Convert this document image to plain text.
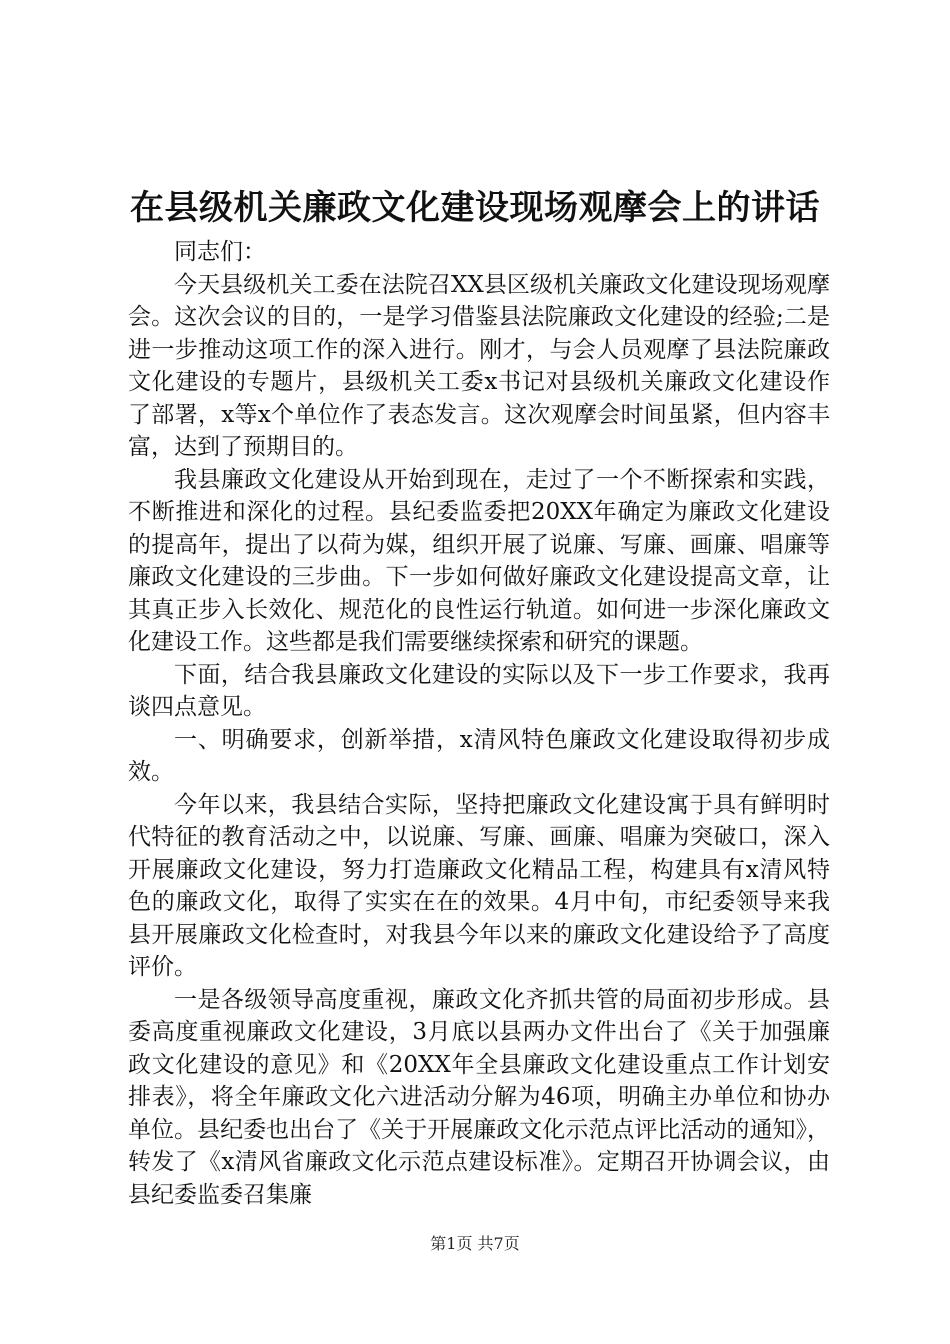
在县级机关廉政文化建设现场观摩会上的讲话

同志们：

今天县级机关工委在法院召XX县区级机关廉政文化建设现场观摩会。这次会议的目的，一是学习借鉴县法院廉政文化建设的经验;二是进一步推动这项工作的深入进行。刚才，与会人员观摩了县法院廉政文化建设的专题片，县级机关工委x书记对县级机关廉政文化建设作了部署，x等x个单位作了表态发言。这次观摩会时间虽紧，但内容丰富，达到了预期目的。

我县廉政文化建设从开始到现在，走过了一个不断探索和实践，不断推进和深化的过程。县纪委监委把20XX年确定为廉政文化建设的提高年，提出了以荷为媒，组织开展了说廉、写廉、画廉、唱廉等廉政文化建设的三步曲。下一步如何做好廉政文化建设提高文章，让其真正步入长效化、规范化的良性运行轨道。如何进一步深化廉政文化建设工作。这些都是我们需要继续探索和研究的课题。

下面，结合我县廉政文化建设的实际以及下一步工作要求，我再谈四点意见。

一、明确要求，创新举措，x清风特色廉政文化建设取得初步成效。

今年以来，我县结合实际，坚持把廉政文化建设寓于具有鲜明时代特征的教育活动之中，以说廉、写廉、画廉、唱廉为突破口，深入开展廉政文化建设，努力打造廉政文化精品工程，构建具有x清风特色的廉政文化，取得了实实在在的效果。4月中旬，市纪委领导来我县开展廉政文化检查时，对我县今年以来的廉政文化建设给予了高度评价。

一是各级领导高度重视，廉政文化齐抓共管的局面初步形成。县委高度重视廉政文化建设，3月底以县两办文件出台了《关于加强廉政文化建设的意见》和《20XX年全县廉政文化建设重点工作计划安排表》，将全年廉政文化六进活动分解为46项，明确主办单位和协办单位。县纪委也出台了《关于开展廉政文化示范点评比活动的通知》，转发了《x清风省廉政文化示范点建设标准》。定期召开协调会议，由县纪委监委召集廉

第1页 共7页
